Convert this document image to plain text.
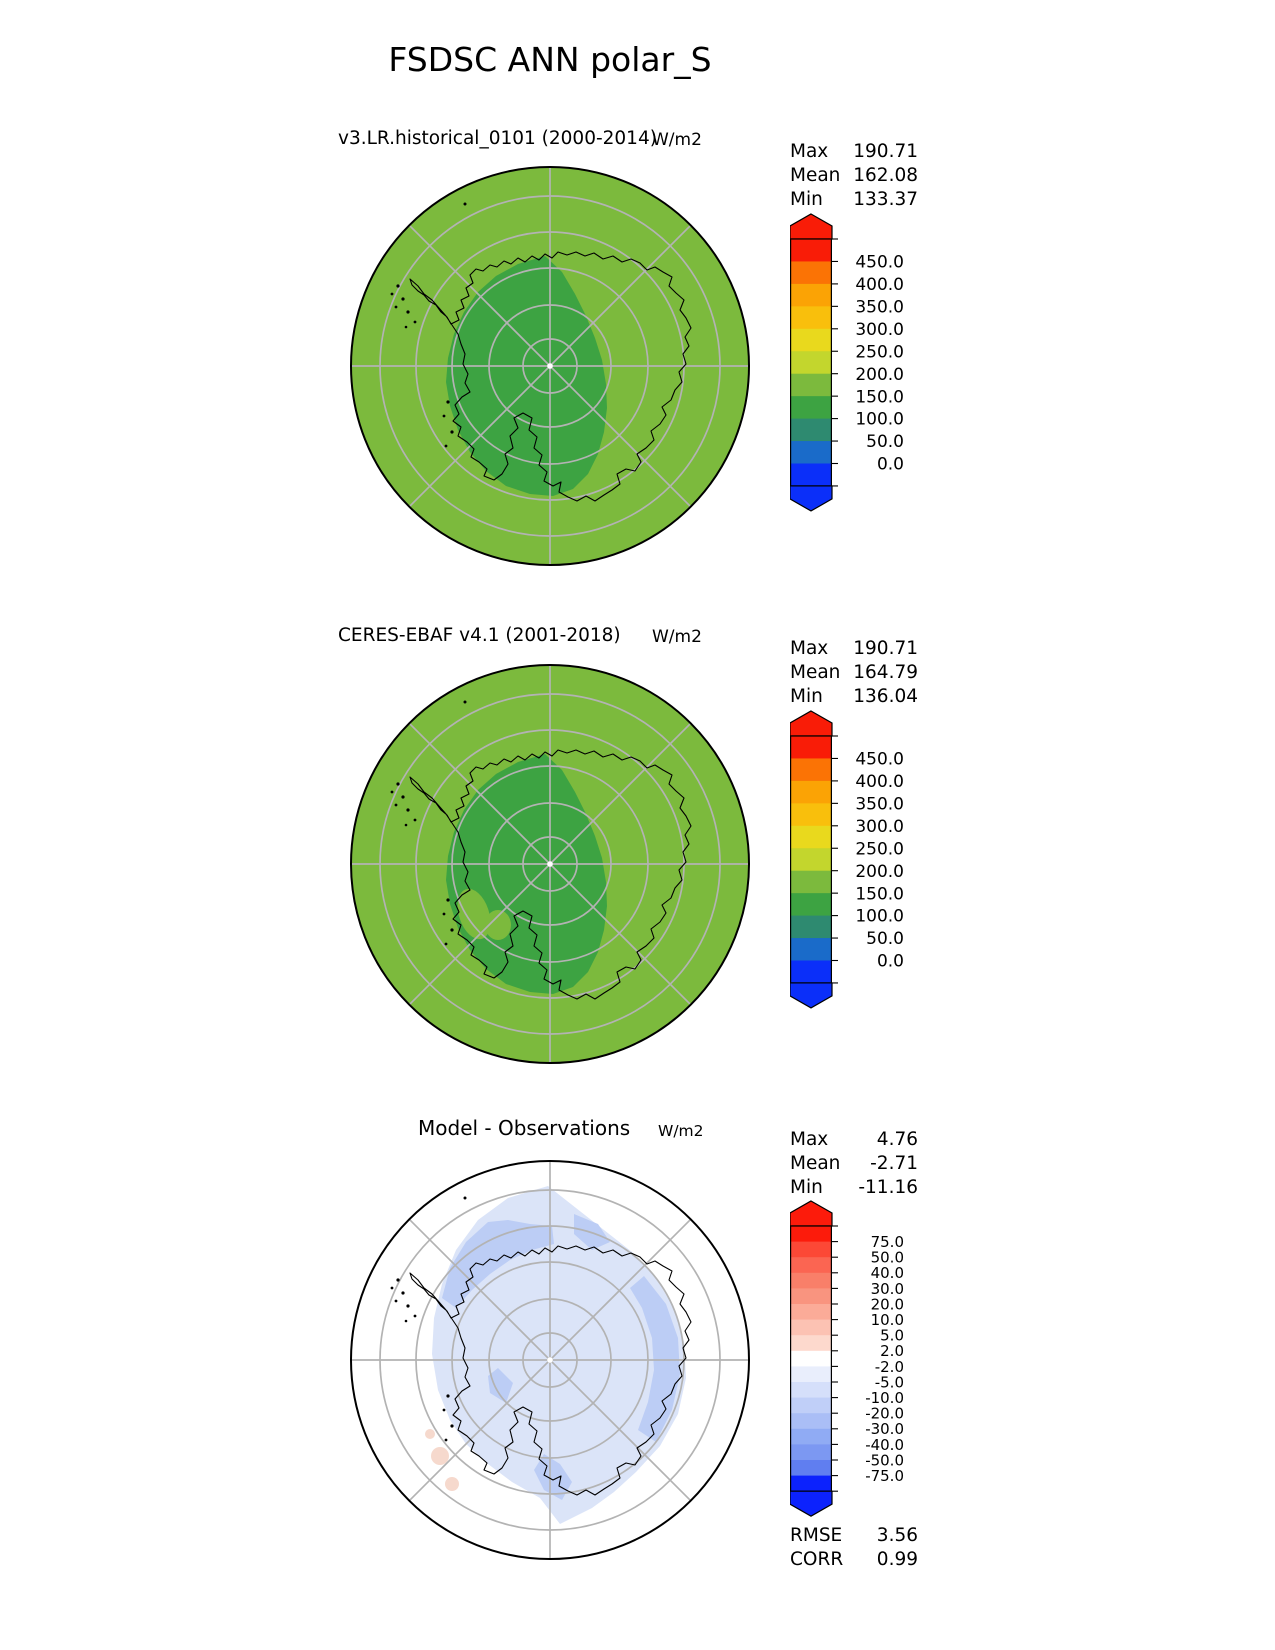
FSDSC ANN polar_S
v3.LR.historical_0101 (2000-2014)
W/m2
Max 190.71
Mean 162.08
Min 133.37
450.0
400.0
350.0
300.0
250.0
200.0
150.0
100.0
50.0
0.0
CERES-EBAF v4.1 (2001-2018) W/m2
Max 190.71
Mean 164.79
Min 136.04
450.0
400.0
350.0
300.0
250.0
200.0
150.0
100.0
50.0
0.0
Model - Observations W/m2	Max	4.76
Mean -2.71
Min -11.16
75.0
50.0
40.0
30.0
20.0
10.0
5.0
2.0
-2.0
-5.0
-10.0
-20.0
-30.0
-40.0
-50.0
-75.0
RMSE 3.56
CORR 0.99
